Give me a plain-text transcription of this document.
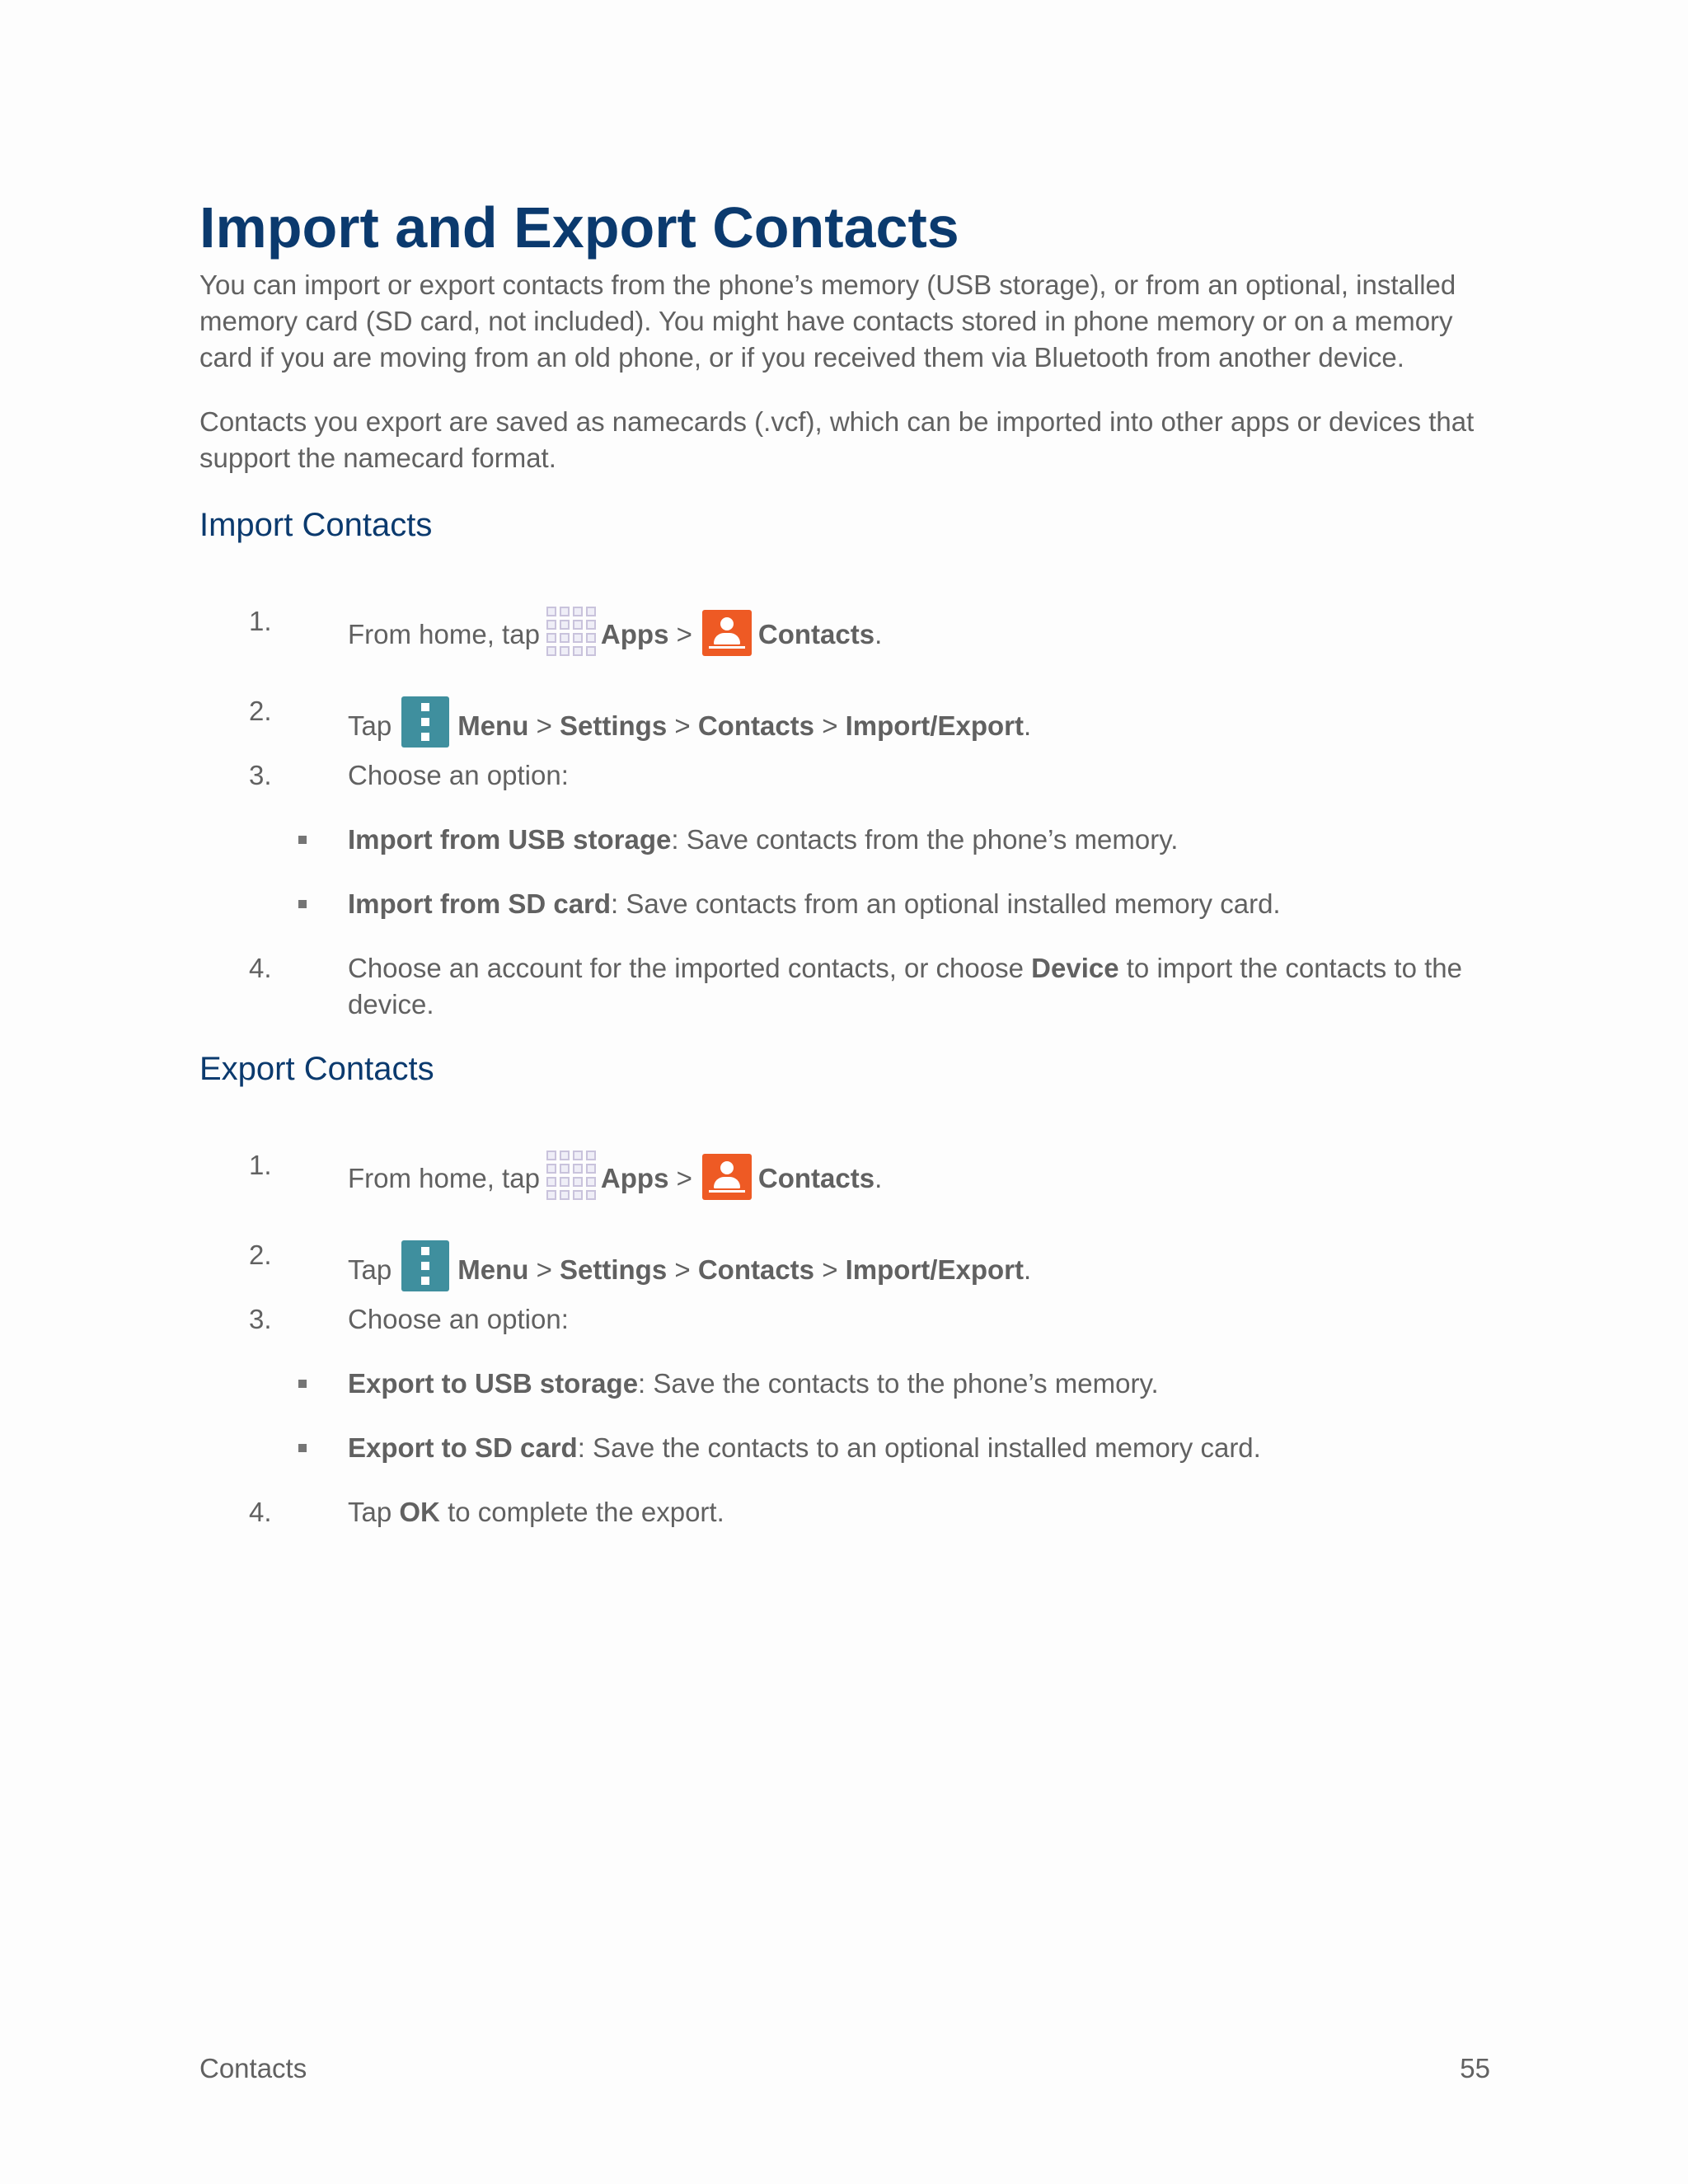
Import and Export Contacts

You can import or export contacts from the phone’s memory (USB storage), or from an optional, installed memory card (SD card, not included). You might have contacts stored in phone memory or on a memory card if you are moving from an old phone, or if you received them via Bluetooth from another device.

Contacts you export are saved as namecards (.vcf), which can be imported into other apps or devices that support the namecard format.

Import Contacts
1.	From home, tap Apps > Contacts.
2.	Tap Menu > Settings > Contacts > Import/Export.
3.	Choose an option:
Import from USB storage: Save contacts from the phone’s memory.
Import from SD card: Save contacts from an optional installed memory card.
4.	Choose an account for the imported contacts, or choose Device to import the contacts to the device.
Export Contacts
1.	From home, tap Apps > Contacts.
2.	Tap Menu > Settings > Contacts > Import/Export.
3.	Choose an option:
Export to USB storage: Save the contacts to the phone’s memory.
Export to SD card: Save the contacts to an optional installed memory card.
4.	Tap OK to complete the export.
Contacts	55
